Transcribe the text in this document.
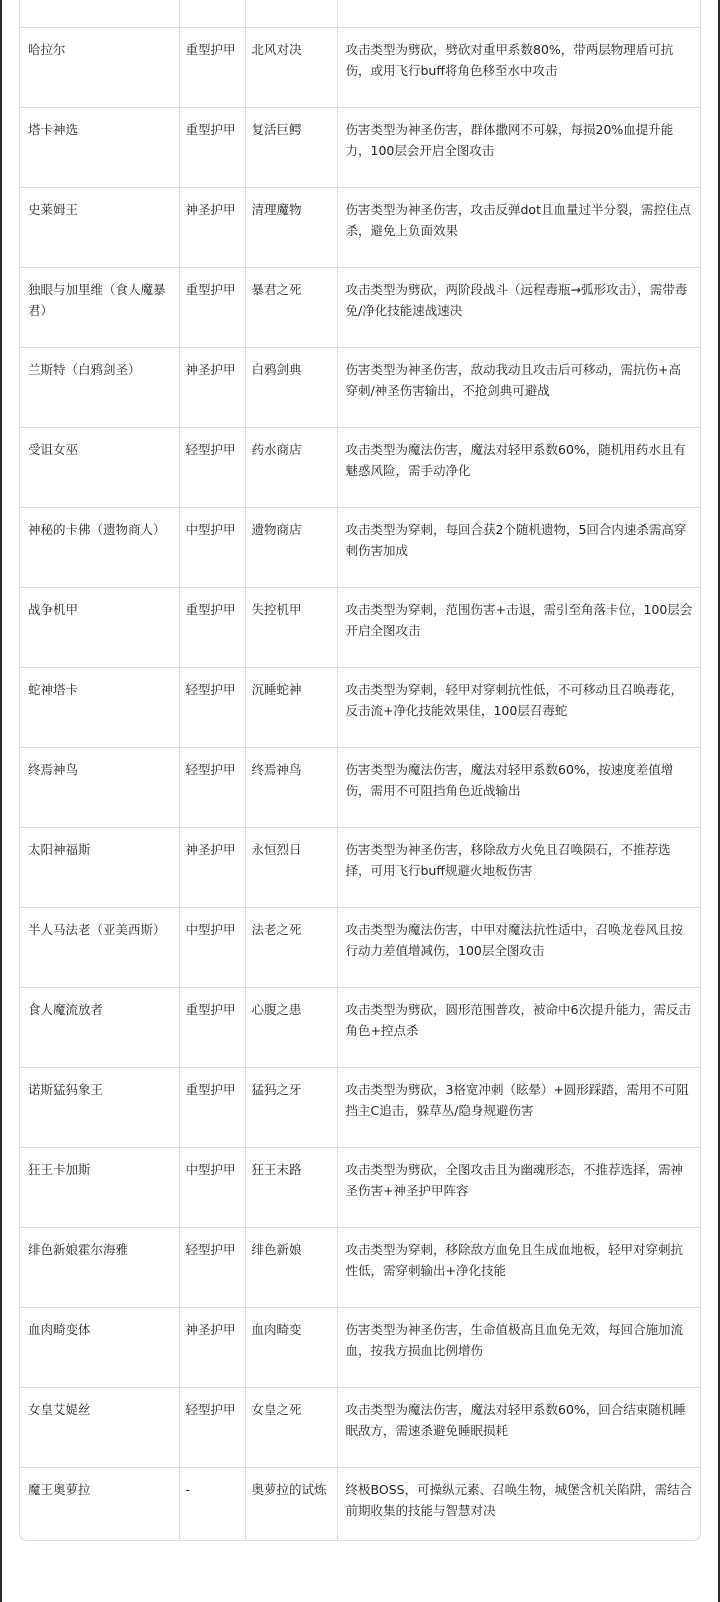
哈拉尔	重型护甲	北风对决	攻击类型为劈砍，劈砍对重甲系数80%，带两层物理盾可抗伤，或用飞行buff将角色移至水中攻击
塔卡神选	重型护甲	复活巨鳄	伤害类型为神圣伤害，群体撒网不可躲，每损20%血提升能力，100层会开启全图攻击
史莱姆王	神圣护甲	清理魔物	伤害类型为神圣伤害，攻击反弹dot且血量过半分裂，需控住点杀，避免上负面效果
独眼与加里维（食人魔暴君）	重型护甲	暴君之死	攻击类型为劈砍，两阶段战斗（远程毒瓶→弧形攻击），需带毒免/净化技能速战速决
兰斯特（白鸦剑圣）	神圣护甲	白鸦剑典	伤害类型为神圣伤害，敌动我动且攻击后可移动，需抗伤+高穿刺/神圣伤害输出，不抢剑典可避战
受诅女巫	轻型护甲	药水商店	攻击类型为魔法伤害，魔法对轻甲系数60%，随机用药水且有魅惑风险，需手动净化
神秘的卡佛（遗物商人）	中型护甲	遗物商店	攻击类型为穿刺，每回合获2个随机遗物，5回合内速杀需高穿刺伤害加成
战争机甲	重型护甲	失控机甲	攻击类型为穿刺，范围伤害+击退，需引至角落卡位，100层会开启全图攻击
蛇神塔卡	轻型护甲	沉睡蛇神	攻击类型为穿刺，轻甲对穿刺抗性低，不可移动且召唤毒花，反击流+净化技能效果佳，100层召毒蛇
终焉神鸟	轻型护甲	终焉神鸟	伤害类型为魔法伤害，魔法对轻甲系数60%，按速度差值增伤，需用不可阻挡角色近战输出
太阳神福斯	神圣护甲	永恒烈日	伤害类型为神圣伤害，移除敌方火免且召唤陨石，不推荐选择，可用飞行buff规避火地板伤害
半人马法老（亚美西斯）	中型护甲	法老之死	攻击类型为魔法伤害，中甲对魔法抗性适中，召唤龙卷风且按行动力差值增减伤，100层全图攻击
食人魔流放者	重型护甲	心腹之患	攻击类型为劈砍，圆形范围普攻，被命中6次提升能力，需反击角色+控点杀
诺斯猛犸象王	重型护甲	猛犸之牙	攻击类型为劈砍，3格宽冲刺（眩晕）+圆形踩踏，需用不可阻挡主C追击，躲草丛/隐身规避伤害
狂王卡加斯	中型护甲	狂王末路	攻击类型为劈砍，全图攻击且为幽魂形态，不推荐选择，需神圣伤害+神圣护甲阵容
绯色新娘霍尔海雅	轻型护甲	绯色新娘	攻击类型为穿刺，移除敌方血免且生成血地板，轻甲对穿刺抗性低，需穿刺输出+净化技能
血肉畸变体	神圣护甲	血肉畸变	伤害类型为神圣伤害，生命值极高且血免无效，每回合施加流血，按我方损血比例增伤
女皇艾媞丝	轻型护甲	女皇之死	攻击类型为魔法伤害，魔法对轻甲系数60%，回合结束随机睡眠敌方，需速杀避免睡眠损耗
魔王奥萝拉	-	奥萝拉的试炼	终极BOSS，可操纵元素、召唤生物，城堡含机关陷阱，需结合前期收集的技能与智慧对决
